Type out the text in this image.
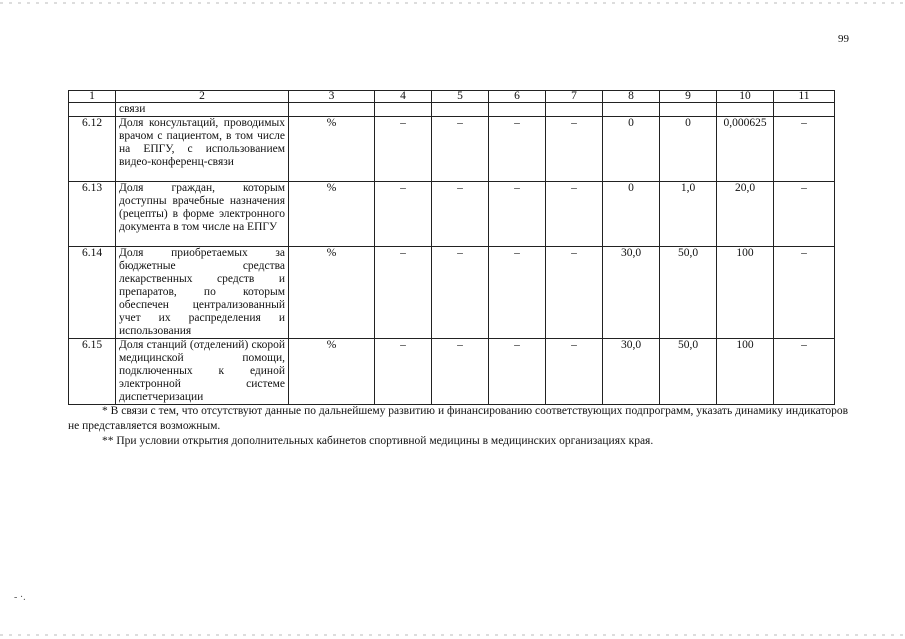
- ·.
99
1	2	3	4	5	6	7	8	9	10	11
	связи									
6.12	Доля консультаций, проводимых врачом с пациентом, в том числе на ЕПГУ, с использованием видео-конференц-связи	%	–	–	–	–	0	0	0,000625	–
6.13	Доля граждан, которым доступны врачебные назначения (рецепты) в форме электронного документа в том числе на ЕПГУ	%	–	–	–	–	0	1,0	20,0	–
6.14	Доля приобретаемых за бюджетные средства лекарственных средств и препаратов, по которым обеспечен централизованный учет их распределения и использования	%	–	–	–	–	30,0	50,0	100	–
6.15	Доля станций (отделений) скорой медицинской помощи, подключенных к единой электронной системе диспетчеризации	%	–	–	–	–	30,0	50,0	100	–

* В связи с тем, что отсутствуют данные по дальнейшему развитию и финансированию соответствующих подпрограмм, указать динамику индикаторов не представляется возможным.

** При условии открытия дополнительных кабинетов спортивной медицины в медицинских организациях края.
